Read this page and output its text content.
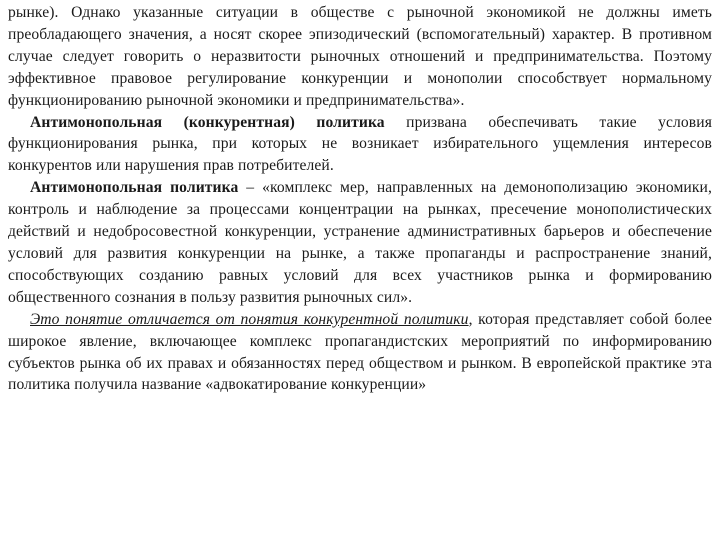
рынке). Однако указанные ситуации в обществе с рыночной экономикой не должны иметь преобладающего значения, а носят скорее эпизодический (вспомогательный) характер. В противном случае следует говорить о неразвитости рыночных отношений и предпринимательства. Поэтому эффективное правовое регулирование конкуренции и монополии способствует нормальному функционированию рыночной экономики и предпринимательства».

Антимонопольная (конкурентная) политика призвана обеспечивать такие условия функционирования рынка, при которых не возникает избирательного ущемления интересов конкурентов или нарушения прав потребителей.

Антимонопольная политика – «комплекс мер, направленных на демонополизацию экономики, контроль и наблюдение за процессами концентрации на рынках, пресечение монополистических действий и недобросовестной конкуренции, устранение административных барьеров и обеспечение условий для развития конкуренции на рынке, а также пропаганды и распространение знаний, способствующих созданию равных условий для всех участников рынка и формированию общественного сознания в пользу развития рыночных сил».

Это понятие отличается от понятия конкурентной политики, которая представляет собой более широкое явление, включающее комплекс пропагандистских мероприятий по информированию субъектов рынка об их правах и обязанностях перед обществом и рынком. В европейской практике эта политика получила название «адвокатирование конкуренции»
